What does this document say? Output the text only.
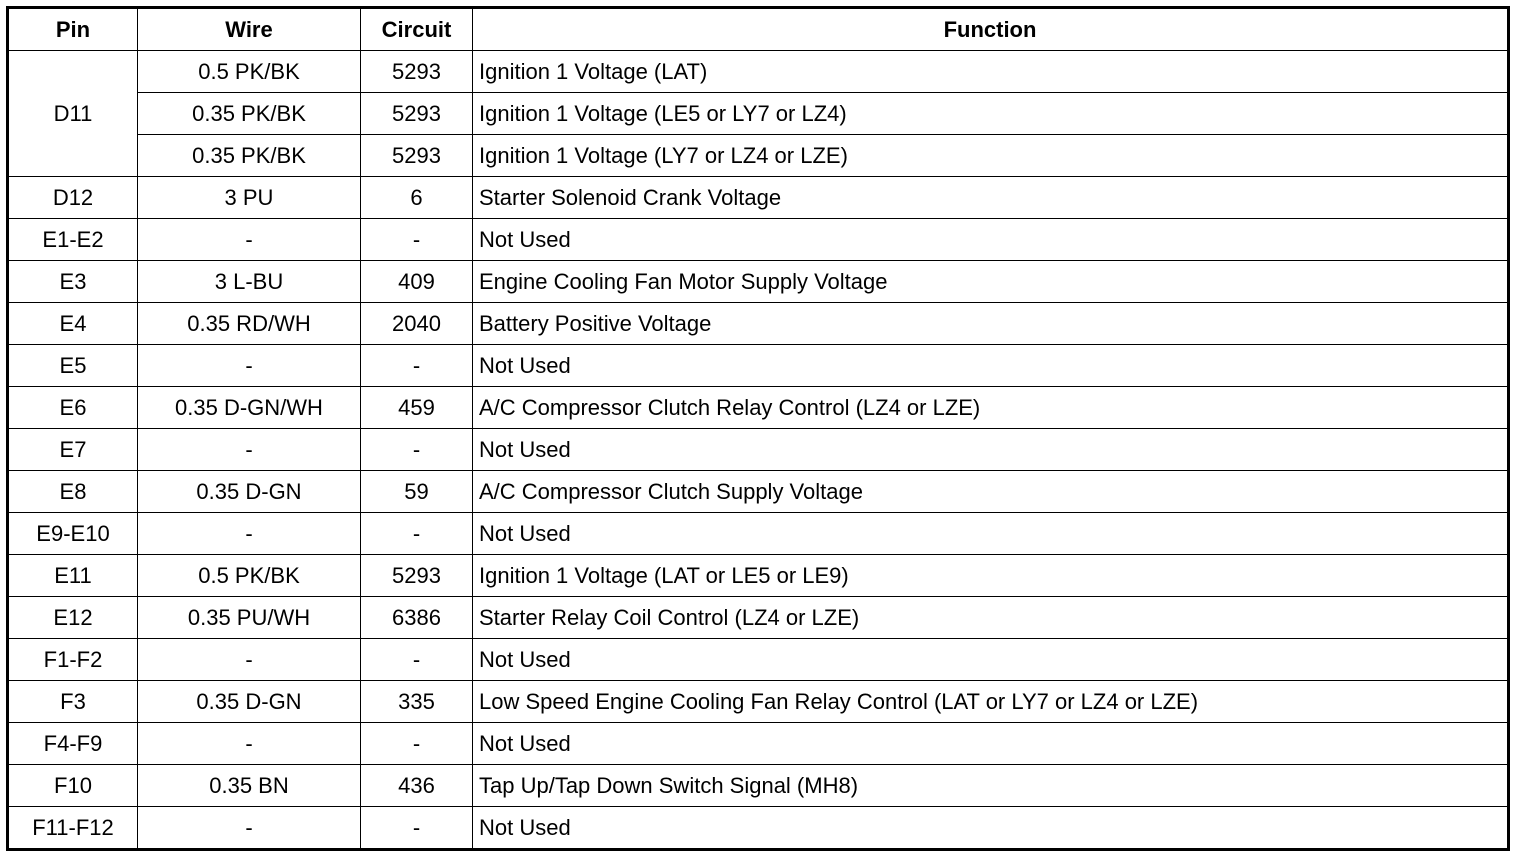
Pin	Wire	Circuit	Function
D11	0.5 PK/BK	5293	Ignition 1 Voltage (LAT)
	0.35 PK/BK	5293	Ignition 1 Voltage (LE5 or LY7 or LZ4)
	0.35 PK/BK	5293	Ignition 1 Voltage (LY7 or LZ4 or LZE)
D12	3 PU	6	Starter Solenoid Crank Voltage
E1-E2	-	-	Not Used
E3	3 L-BU	409	Engine Cooling Fan Motor Supply Voltage
E4	0.35 RD/WH	2040	Battery Positive Voltage
E5	-	-	Not Used
E6	0.35 D-GN/WH	459	A/C Compressor Clutch Relay Control (LZ4 or LZE)
E7	-	-	Not Used
E8	0.35 D-GN	59	A/C Compressor Clutch Supply Voltage
E9-E10	-	-	Not Used
E11	0.5 PK/BK	5293	Ignition 1 Voltage (LAT or LE5 or LE9)
E12	0.35 PU/WH	6386	Starter Relay Coil Control (LZ4 or LZE)
F1-F2	-	-	Not Used
F3	0.35 D-GN	335	Low Speed Engine Cooling Fan Relay Control (LAT or LY7 or LZ4 or LZE)
F4-F9	-	-	Not Used
F10	0.35 BN	436	Tap Up/Tap Down Switch Signal (MH8)
F11-F12	-	-	Not Used
